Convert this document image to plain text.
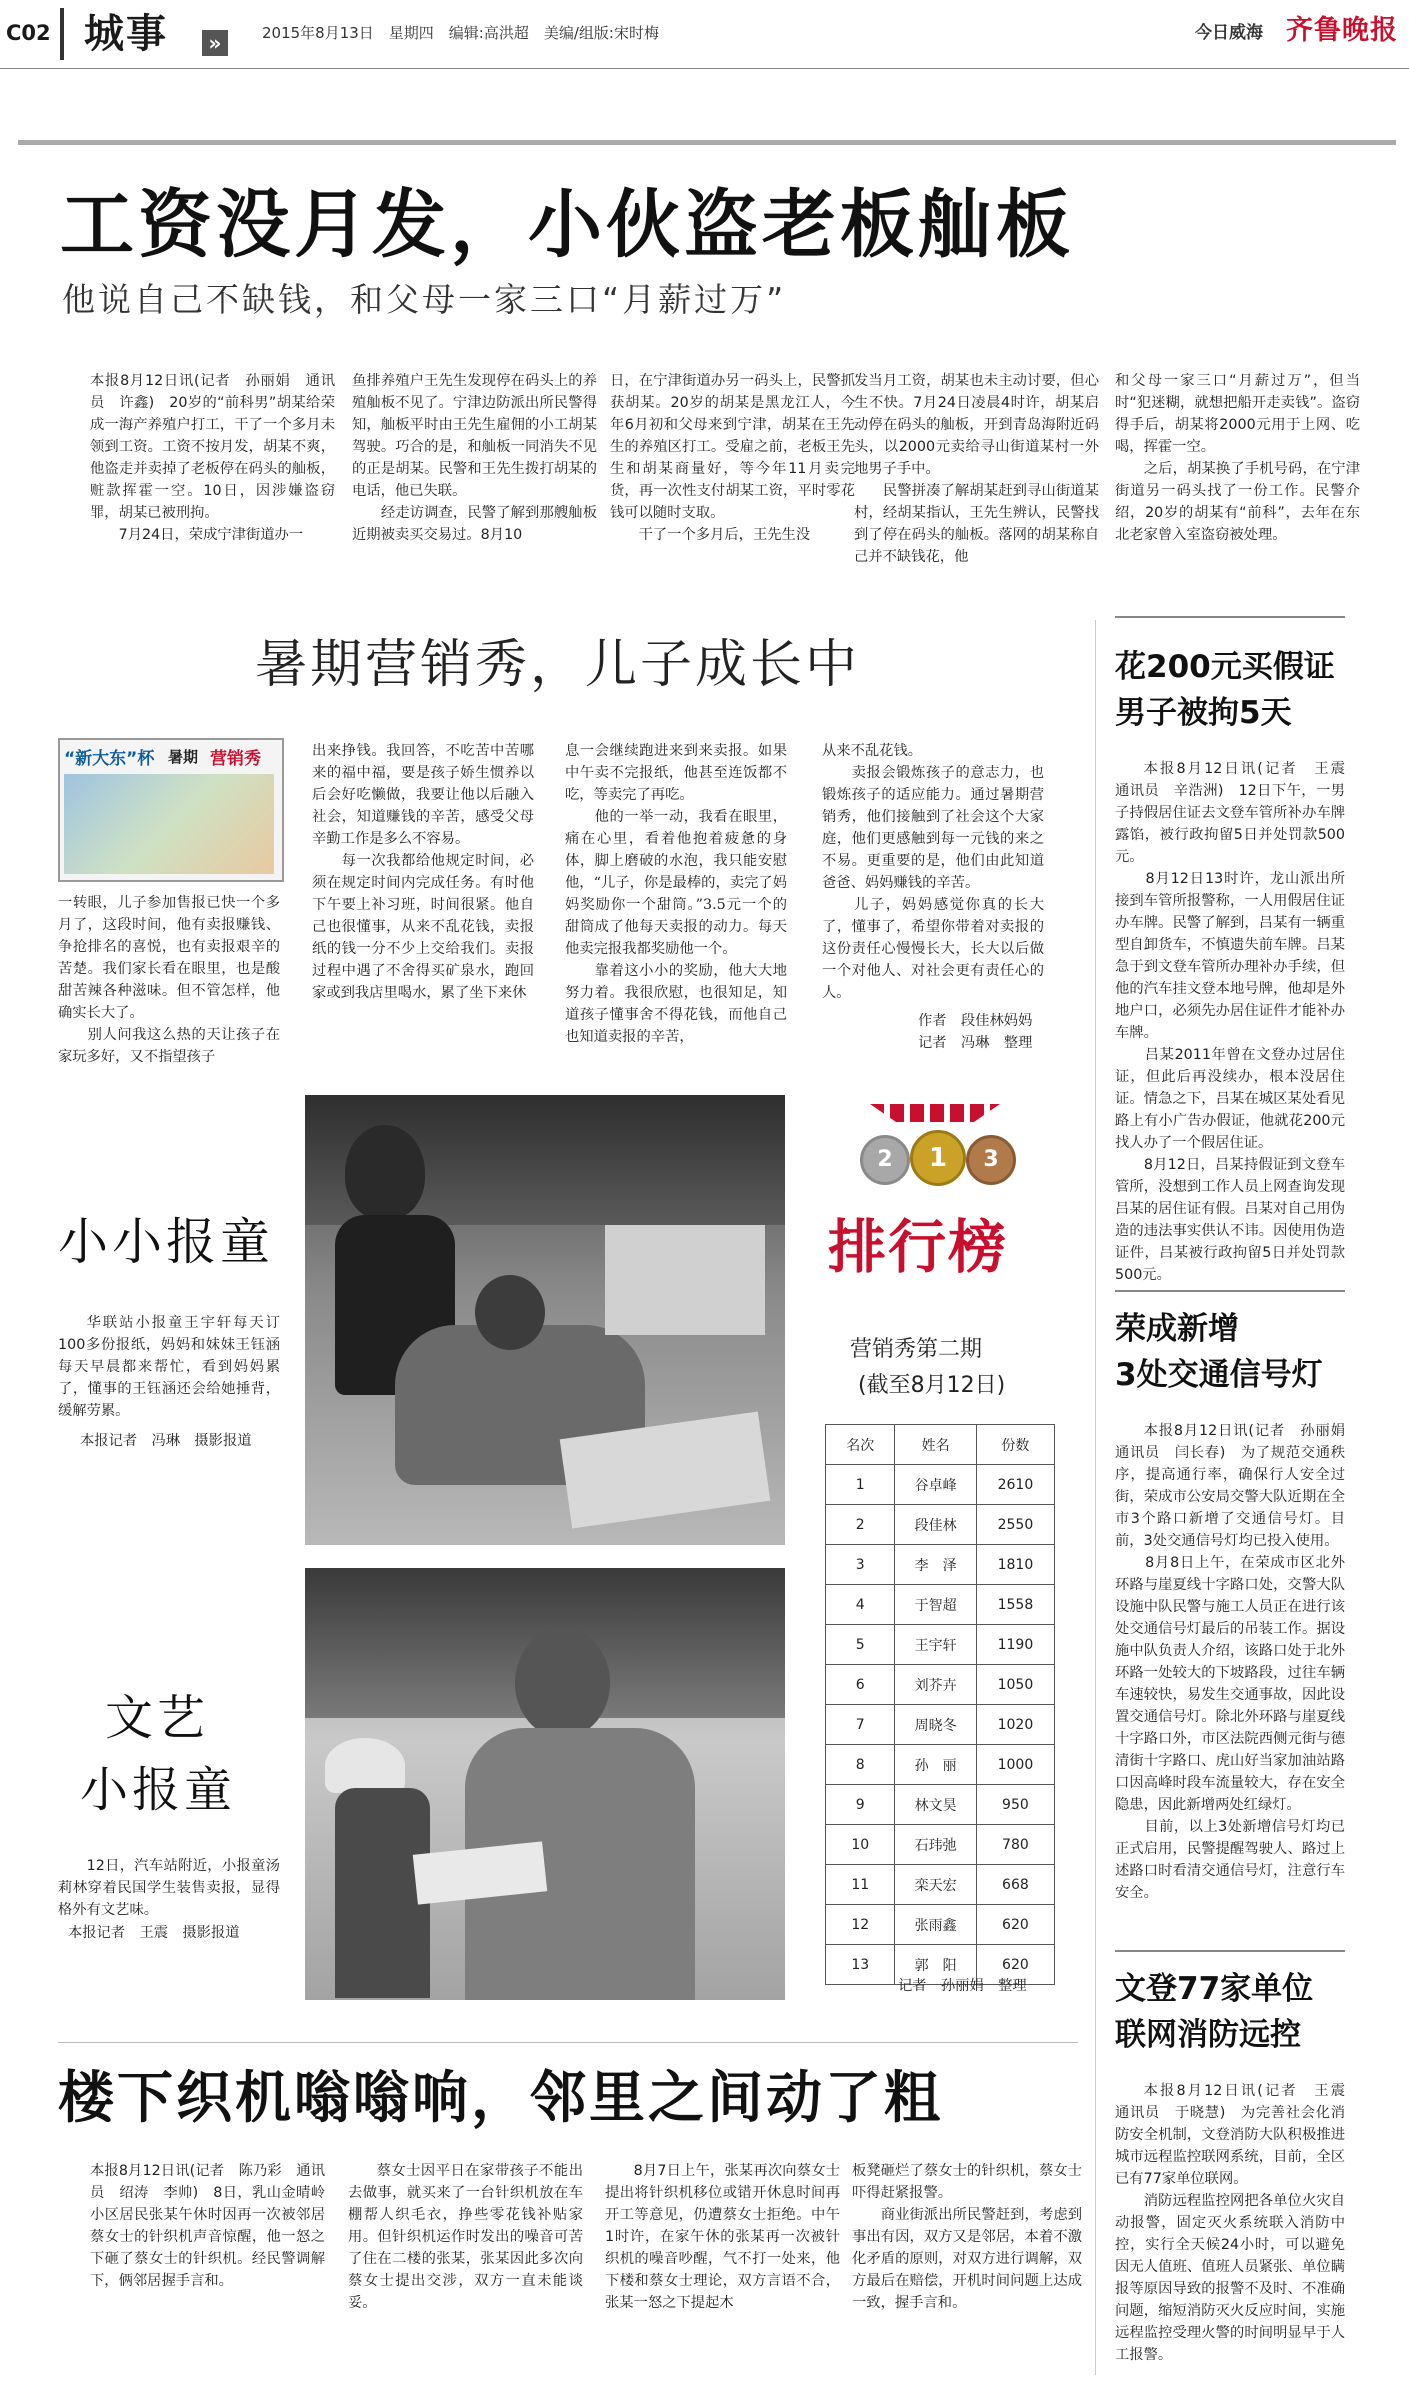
C02 城事	»	2015年8月13日　星期四　编辑:高洪超　美编/组版:宋时梅	今日威海 齐鲁晚报
工资没月发，小伙盗老板舢板
他说自己不缺钱，和父母一家三口“月薪过万”
本报8月12日讯(记者　孙丽娟　通讯员　许鑫)　20岁的“前科男”胡某给荣成一海产养殖户打工，干了一个多月未领到工资。工资不按月发，胡某不爽，他盗走并卖掉了老板停在码头的舢板，赃款挥霍一空。10日，因涉嫌盗窃罪，胡某已被刑拘。
　　7月24日，荣成宁津街道办一
鱼排养殖户王先生发现停在码头上的养殖舢板不见了。宁津边防派出所民警得知，舢板平时由王先生雇佣的小工胡某驾驶。巧合的是，和舢板一同消失不见的正是胡某。民警和王先生拨打胡某的电话，他已失联。
　　经走访调查，民警了解到那艘舢板近期被卖买交易过。8月10
日，在宁津街道办另一码头上，民警抓获胡某。20岁的胡某是黑龙江人，今年6月初和父母来到宁津，胡某在王先生的养殖区打工。受雇之前，老板王先生和胡某商量好，等今年11月卖完货，再一次性支付胡某工资，平时零花钱可以随时支取。
　　干了一个多月后，王先生没
发当月工资，胡某也未主动讨要，但心生不快。7月24日凌晨4时许，胡某启动停在码头的舢板，开到青岛海附近码头，以2000元卖给寻山街道某村一外地男子手中。
　　民警拼凑了解胡某赶到寻山街道某村，经胡某指认，王先生辨认，民警找到了停在码头的舢板。落网的胡某称自己并不缺钱花，他
和父母一家三口“月薪过万”，但当时“犯迷糊，就想把船开走卖钱”。盗窃得手后，胡某将2000元用于上网、吃喝，挥霍一空。
　　之后，胡某换了手机号码，在宁津街道另一码头找了一份工作。民警介绍，20岁的胡某有“前科”，去年在东北老家曾入室盗窃被处理。
暑期营销秀，儿子成长中
“新大东”杯 暑期 营销秀
一转眼，儿子参加售报已快一个多月了，这段时间，他有卖报赚钱、争抢排名的喜悦，也有卖报艰辛的苦楚。我们家长看在眼里，也是酸甜苦辣各种滋味。但不管怎样，他确实长大了。
　　别人问我这么热的天让孩子在家玩多好，又不指望孩子
出来挣钱。我回答，不吃苦中苦哪来的福中福，要是孩子娇生惯养以后会好吃懒做，我要让他以后融入社会，知道赚钱的辛苦，感受父母辛勤工作是多么不容易。
　　每一次我都给他规定时间，必须在规定时间内完成任务。有时他下午要上补习班，时间很紧。他自己也很懂事，从来不乱花钱，卖报纸的钱一分不少上交给我们。卖报过程中遇了不舍得买矿泉水，跑回家或到我店里喝水，累了坐下来休
息一会继续跑进来到来卖报。如果中午卖不完报纸，他甚至连饭都不吃，等卖完了再吃。
　　他的一举一动，我看在眼里，痛在心里，看着他抱着疲惫的身体，脚上磨破的水泡，我只能安慰他，“儿子，你是最棒的，卖完了妈妈奖励你一个甜筒。”3.5元一个的甜筒成了他每天卖报的动力。每天他卖完报我都奖励他一个。
　　靠着这小小的奖励，他大大地努力着。我很欣慰，也很知足，知道孩子懂事舍不得花钱，而他自己也知道卖报的辛苦，
从来不乱花钱。
　　卖报会锻炼孩子的意志力，也锻炼孩子的适应能力。通过暑期营销秀，他们接触到了社会这个大家庭，他们更感触到每一元钱的来之不易。更重要的是，他们由此知道爸爸、妈妈赚钱的辛苦。
　　儿子，妈妈感觉你真的长大了，懂事了，希望你带着对卖报的这份责任心慢慢长大，长大以后做一个对他人、对社会更有责任心的人。
作者　段佳林妈妈
记者　冯琳　整理
小小报童
华联站小报童王宇轩每天订100多份报纸，妈妈和妹妹王钰涵每天早晨都来帮忙，看到妈妈累了，懂事的王钰涵还会给她捶背，缓解劳累。
本报记者　冯琳　摄影报道
文艺
小报童
12日，汽车站附近，小报童汤莉林穿着民国学生装售卖报，显得格外有文艺味。
本报记者　王震　摄影报道
2	1	3
排行榜
营销秀第二期
(截至8月12日)
名次	姓名	份数
1	谷卓峰	2610
2	段佳林	2550
3	李　泽	1810
4	于智超	1558
5	王宇轩	1190
6	刘芥卉	1050
7	周晓冬	1020
8	孙　丽	1000
9	林文昊	950
10	石玮弛	780
11	栾天宏	668
12	张雨鑫	620
13	郭　阳	620
记者　孙丽娟　整理
花200元买假证
男子被拘5天
本报8月12日讯(记者　王震　通讯员　辛浩洲)　12日下午，一男子持假居住证去文登车管所补办车牌露馅，被行政拘留5日并处罚款500元。
　　8月12日13时许，龙山派出所接到车管所报警称，一人用假居住证办车牌。民警了解到，吕某有一辆重型自卸货车，不慎遗失前车牌。吕某急于到文登车管所办理补办手续，但他的汽车挂文登本地号牌，他却是外地户口，必须先办居住证件才能补办车牌。
　　吕某2011年曾在文登办过居住证，但此后再没续办，根本没居住证。情急之下，吕某在城区某处看见路上有小广告办假证，他就花200元找人办了一个假居住证。
　　8月12日，吕某持假证到文登车管所，没想到工作人员上网查询发现吕某的居住证有假。吕某对自己用伪造的违法事实供认不讳。因使用伪造证件，吕某被行政拘留5日并处罚款500元。
荣成新增
3处交通信号灯
本报8月12日讯(记者　孙丽娟　通讯员　闫长春)　为了规范交通秩序，提高通行率，确保行人安全过街，荣成市公安局交警大队近期在全市3个路口新增了交通信号灯。目前，3处交通信号灯均已投入使用。
　　8月8日上午，在荣成市区北外环路与崖夏线十字路口处，交警大队设施中队民警与施工人员正在进行该处交通信号灯最后的吊装工作。据设施中队负责人介绍，该路口处于北外环路一处较大的下坡路段，过往车辆车速较快，易发生交通事故，因此设置交通信号灯。除北外环路与崖夏线十字路口外，市区法院西侧元街与德清街十字路口、虎山好当家加油站路口因高峰时段车流量较大，存在安全隐患，因此新增两处红绿灯。
　　目前，以上3处新增信号灯均已正式启用，民警提醒驾驶人、路过上述路口时看清交通信号灯，注意行车安全。
文登77家单位
联网消防远控
本报8月12日讯(记者　王震　通讯员　于晓慧)　为完善社会化消防安全机制，文登消防大队积极推进城市远程监控联网系统，目前，全区已有77家单位联网。
　　消防远程监控网把各单位火灾自动报警，固定灭火系统联入消防中控，实行全天候24小时，可以避免因无人值班、值班人员紧张、单位瞒报等原因导致的报警不及时、不准确问题，缩短消防灭火反应时间，实施远程监控受理火警的时间明显早于人工报警。
楼下织机嗡嗡响，邻里之间动了粗
本报8月12日讯(记者　陈乃彩　通讯员　绍涛　李帅)　8日，乳山金晴岭小区居民张某午休时因再一次被邻居蔡女士的针织机声音惊醒，他一怒之下砸了蔡女士的针织机。经民警调解下，俩邻居握手言和。
蔡女士因平日在家带孩子不能出去做事，就买来了一台针织机放在车棚帮人织毛衣，挣些零花钱补贴家用。但针织机运作时发出的噪音可苦了住在二楼的张某，张某因此多次向蔡女士提出交涉，双方一直未能谈妥。
8月7日上午，张某再次向蔡女士提出将针织机移位或错开休息时间再开工等意见，仍遭蔡女士拒绝。中午1时许，在家午休的张某再一次被针织机的噪音吵醒，气不打一处来，他下楼和蔡女士理论，双方言语不合，张某一怒之下提起木
板凳砸烂了蔡女士的针织机，蔡女士吓得赶紧报警。
　　商业街派出所民警赶到，考虑到事出有因，双方又是邻居，本着不激化矛盾的原则，对双方进行调解，双方最后在赔偿，开机时间问题上达成一致，握手言和。
